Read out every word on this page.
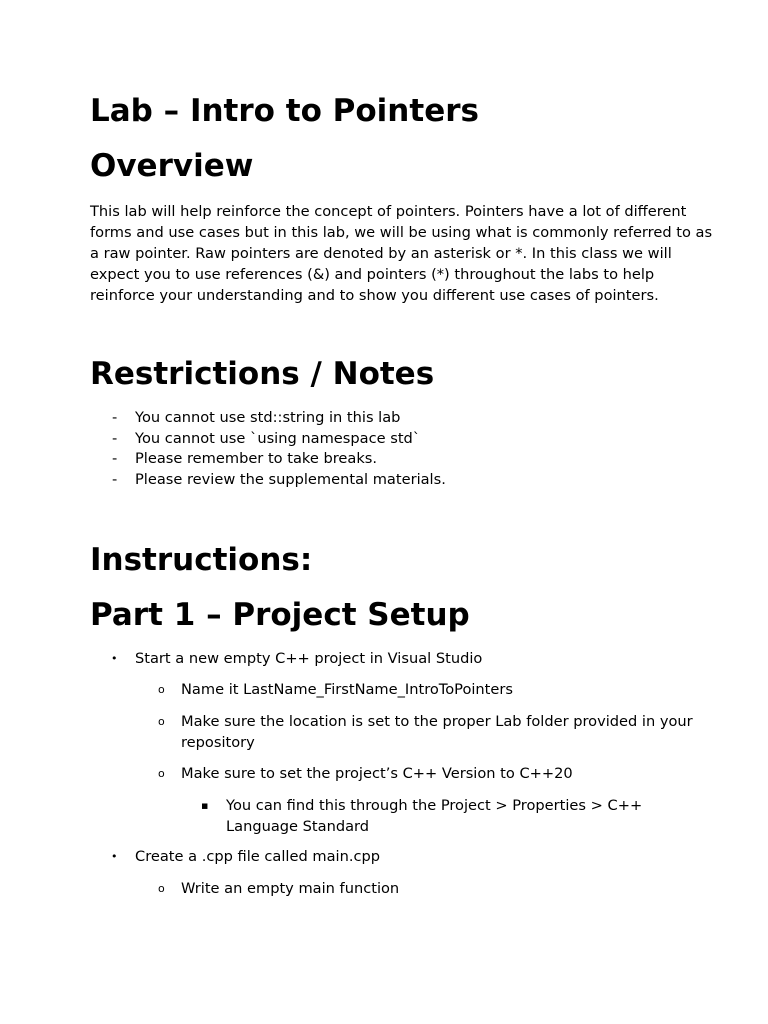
Lab – Intro to Pointers
Overview

This lab will help reinforce the concept of pointers. Pointers have a lot of different forms and use cases but in this lab, we will be using what is commonly referred to as a raw pointer. Raw pointers are denoted by an asterisk or *. In this class we will expect you to use references (&) and pointers (*) throughout the labs to help reinforce your understanding and to show you different use cases of pointers.

Restrictions / Notes
- You cannot use std::string in this lab
- You cannot use `using namespace std`
- Please remember to take breaks.
- Please review the supplemental materials.
Instructions:
Part 1 – Project Setup
• Start a new empty C++ project in Visual Studio
o Name it LastName_FirstName_IntroToPointers
o Make sure the location is set to the proper Lab folder provided in your repository
o Make sure to set the project’s C++ Version to C++20
▪ You can find this through the Project > Properties > C++ Language Standard
• Create a .cpp file called main.cpp
o Write an empty main function
